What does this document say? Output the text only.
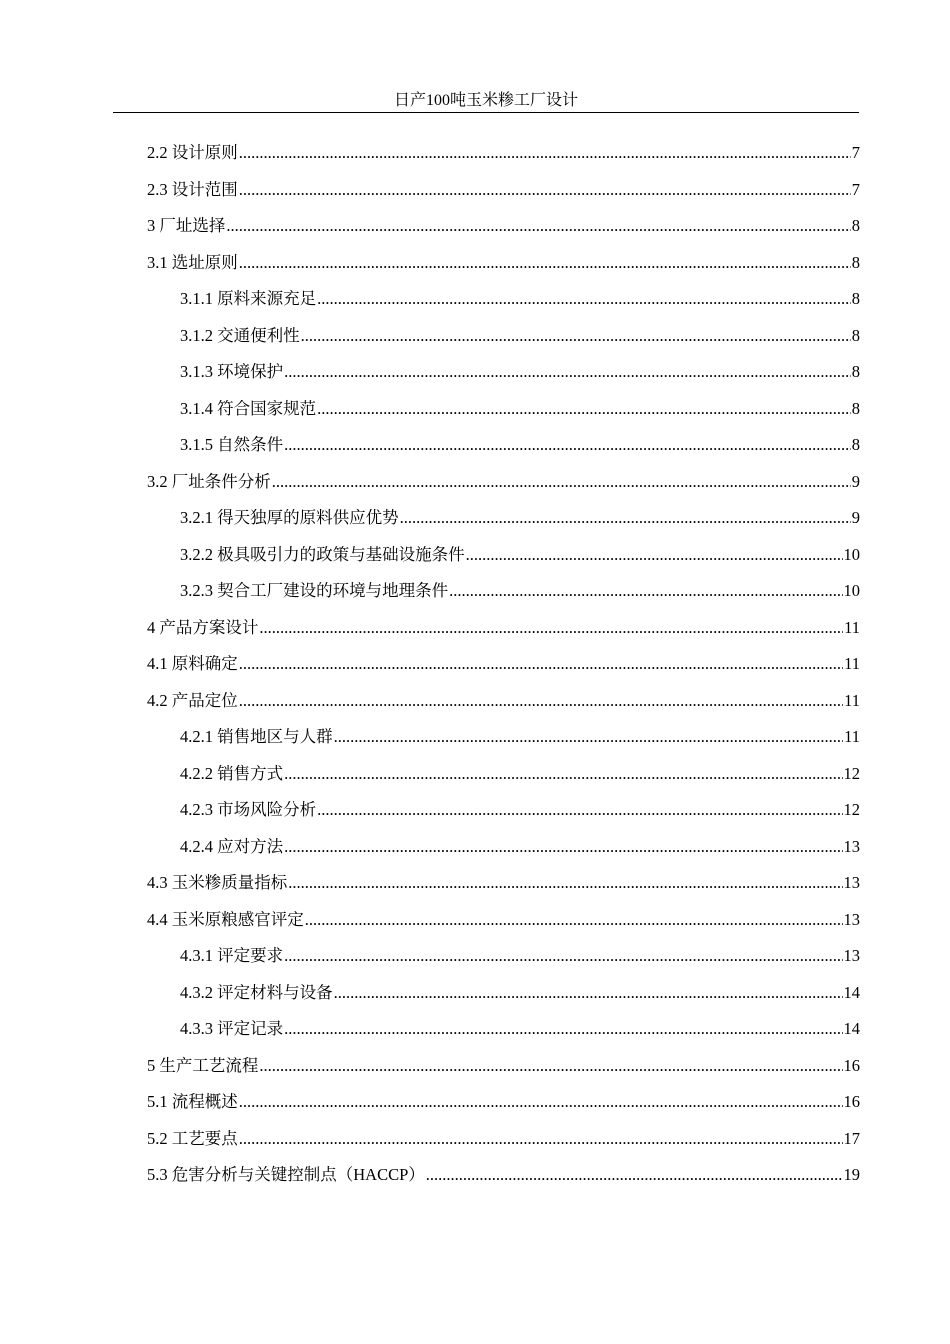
日产100吨玉米糁工厂设计
2.2 设计原则 .....	7
2.3 设计范围 .....	7
3 厂址选择 .....	8
3.1 选址原则 .....	8
3.1.1 原料来源充足 .....	8
3.1.2 交通便利性 .....	8
3.1.3 环境保护 .....	8
3.1.4 符合国家规范 .....	8
3.1.5 自然条件 .....	8
3.2 厂址条件分析 .....	9
3.2.1 得天独厚的原料供应优势 .....	9
3.2.2 极具吸引力的政策与基础设施条件 .....	10
3.2.3 契合工厂建设的环境与地理条件 .....	10
4 产品方案设计 .....	11
4.1 原料确定 .....	11
4.2 产品定位 .....	11
4.2.1 销售地区与人群 .....	11
4.2.2 销售方式 .....	12
4.2.3 市场风险分析 .....	12
4.2.4 应对方法 .....	13
4.3 玉米糁质量指标 .....	13
4.4 玉米原粮感官评定 .....	13
4.3.1 评定要求 .....	13
4.3.2 评定材料与设备 .....	14
4.3.3 评定记录 .....	14
5 生产工艺流程 .....	16
5.1 流程概述 .....	16
5.2 工艺要点 .....	17
5.3 危害分析与关键控制点（HACCP） .....	19
